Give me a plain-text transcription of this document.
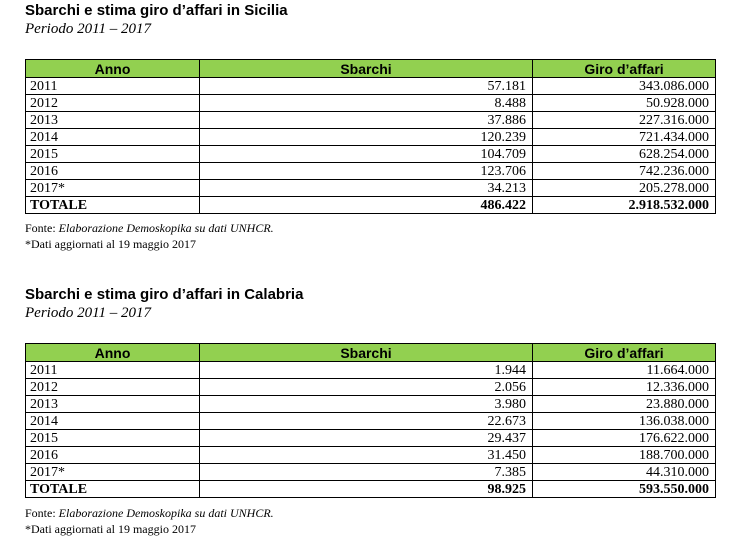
Sbarchi e stima giro d’affari in Sicilia
Periodo 2011 – 2017
Anno	Sbarchi	Giro d’affari
2011	57.181	343.086.000
2012	8.488	50.928.000
2013	37.886	227.316.000
2014	120.239	721.434.000
2015	104.709	628.254.000
2016	123.706	742.236.000
2017*	34.213	205.278.000
TOTALE	486.422	2.918.532.000
Fonte: Elaborazione Demoskopika su dati UNHCR.
*Dati aggiornati al 19 maggio 2017
Sbarchi e stima giro d’affari in Calabria
Periodo 2011 – 2017
Anno	Sbarchi	Giro d’affari
2011	1.944	11.664.000
2012	2.056	12.336.000
2013	3.980	23.880.000
2014	22.673	136.038.000
2015	29.437	176.622.000
2016	31.450	188.700.000
2017*	7.385	44.310.000
TOTALE	98.925	593.550.000
Fonte: Elaborazione Demoskopika su dati UNHCR.
*Dati aggiornati al 19 maggio 2017
